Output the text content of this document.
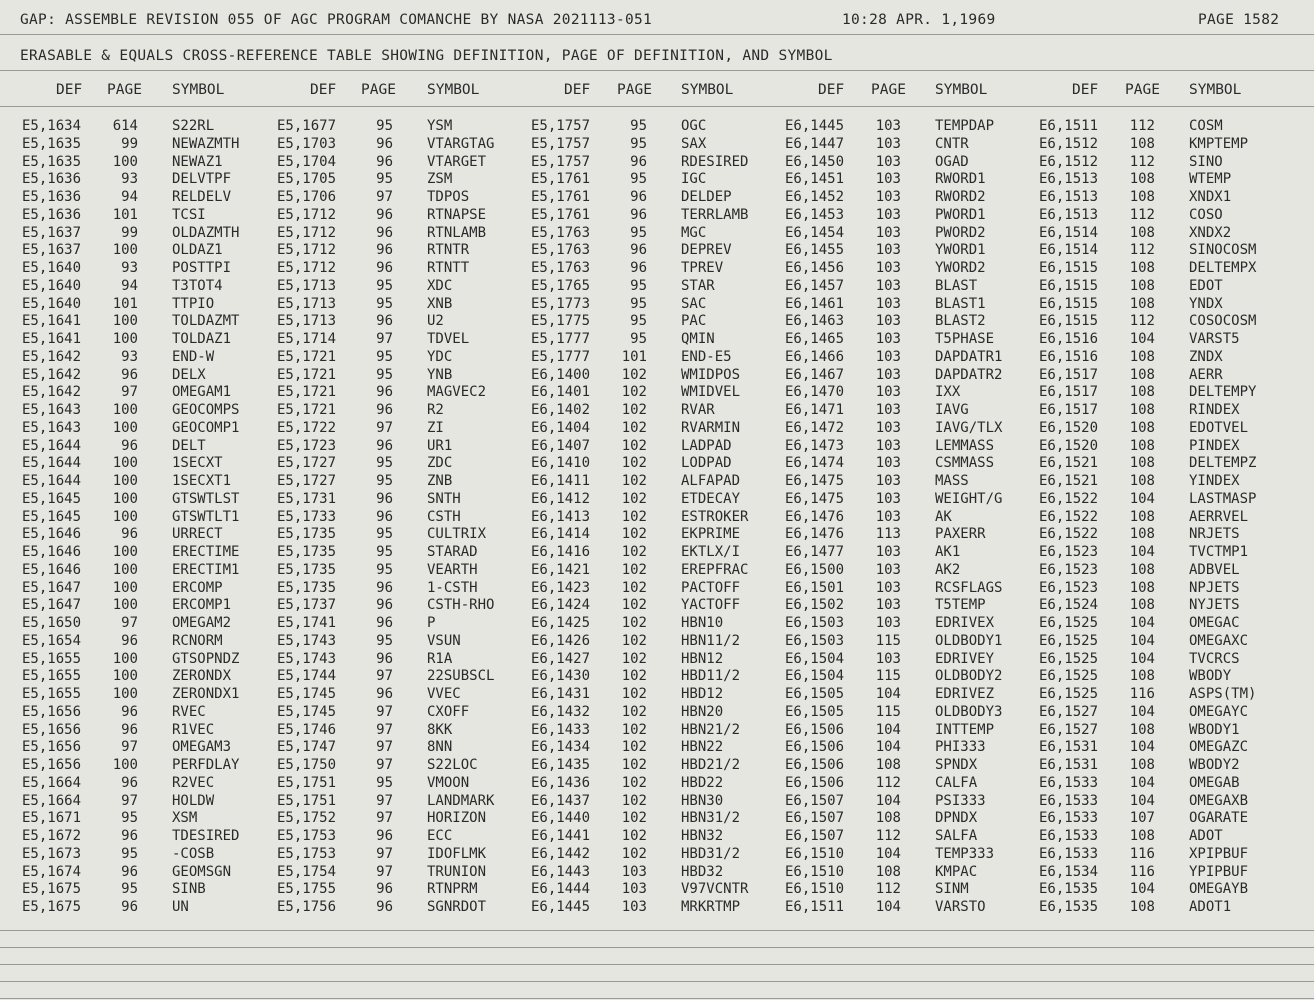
GAP: ASSEMBLE REVISION 055 OF AGC PROGRAM COMANCHE BY NASA 2021113-051	10:28 APR. 1,1969	PAGE 1582
ERASABLE & EQUALS CROSS-REFERENCE TABLE SHOWING DEFINITION, PAGE OF DEFINITION, AND SYMBOL
DEF PAGE SYMBOL	DEF PAGE SYMBOL	DEF PAGE SYMBOL	DEF PAGE SYMBOL	DEF PAGE SYMBOL
E5,1634	614 S22RL	E5,1677	95 YSM	E5,1757	95 OGC	E6,1445	103 TEMPDAP	E6,1511	112 COSM
E5,1635	99 NEWAZMTH	E5,1703	96 VTARGTAG	E5,1757	95 SAX	E6,1447	103 CNTR	E6,1512	108 KMPTEMP
E5,1635	100 NEWAZ1	E5,1704	96 VTARGET	E5,1757	96 RDESIRED	E6,1450	103 OGAD	E6,1512	112 SINO
E5,1636	93 DELVTPF	E5,1705	95 ZSM	E5,1761	95 IGC	E6,1451	103 RWORD1	E6,1513	108 WTEMP
E5,1636	94 RELDELV	E5,1706	97 TDPOS	E5,1761	96 DELDEP	E6,1452	103 RWORD2	E6,1513	108 XNDX1
E5,1636	101 TCSI	E5,1712	96 RTNAPSE	E5,1761	96 TERRLAMB	E6,1453	103 PWORD1	E6,1513	112 COSO
E5,1637	99 OLDAZMTH	E5,1712	96 RTNLAMB	E5,1763	95 MGC	E6,1454	103 PWORD2	E6,1514	108 XNDX2
E5,1637	100 OLDAZ1	E5,1712	96 RTNTR	E5,1763	96 DEPREV	E6,1455	103 YWORD1	E6,1514	112 SINOCOSM
E5,1640	93 POSTTPI	E5,1712	96 RTNTT	E5,1763	96 TPREV	E6,1456	103 YWORD2	E6,1515	108 DELTEMPX
E5,1640	94 T3TOT4	E5,1713	95 XDC	E5,1765	95 STAR	E6,1457	103 BLAST	E6,1515	108 EDOT
E5,1640	101 TTPIO	E5,1713	95 XNB	E5,1773	95 SAC	E6,1461	103 BLAST1	E6,1515	108 YNDX
E5,1641	100 TOLDAZMT	E5,1713	96 U2	E5,1775	95 PAC	E6,1463	103 BLAST2	E6,1515	112 COSOCOSM
E5,1641	100 TOLDAZ1	E5,1714	97 TDVEL	E5,1777	95 QMIN	E6,1465	103 T5PHASE	E6,1516	104 VARST5
E5,1642	93 END-W	E5,1721	95 YDC	E5,1777	101 END-E5	E6,1466	103 DAPDATR1	E6,1516	108 ZNDX
E5,1642	96 DELX	E5,1721	95 YNB	E6,1400	102 WMIDPOS	E6,1467	103 DAPDATR2	E6,1517	108 AERR
E5,1642	97 OMEGAM1	E5,1721	96 MAGVEC2	E6,1401	102 WMIDVEL	E6,1470	103 IXX	E6,1517	108 DELTEMPY
E5,1643	100 GEOCOMPS	E5,1721	96 R2	E6,1402	102 RVAR	E6,1471	103 IAVG	E6,1517	108 RINDEX
E5,1643	100 GEOCOMP1	E5,1722	97 ZI	E6,1404	102 RVARMIN	E6,1472	103 IAVG/TLX	E6,1520	108 EDOTVEL
E5,1644	96 DELT	E5,1723	96 UR1	E6,1407	102 LADPAD	E6,1473	103 LEMMASS	E6,1520	108 PINDEX
E5,1644	100 1SECXT	E5,1727	95 ZDC	E6,1410	102 LODPAD	E6,1474	103 CSMMASS	E6,1521	108 DELTEMPZ
E5,1644	100 1SECXT1	E5,1727	95 ZNB	E6,1411	102 ALFAPAD	E6,1475	103 MASS	E6,1521	108 YINDEX
E5,1645	100 GTSWTLST	E5,1731	96 SNTH	E6,1412	102 ETDECAY	E6,1475	103 WEIGHT/G	E6,1522	104 LASTMASP
E5,1645	100 GTSWTLT1	E5,1733	96 CSTH	E6,1413	102 ESTROKER	E6,1476	103 AK	E6,1522	108 AERRVEL
E5,1646	96 URRECT	E5,1735	95 CULTRIX	E6,1414	102 EKPRIME	E6,1476	113 PAXERR	E6,1522	108 NRJETS
E5,1646	100 ERECTIME	E5,1735	95 STARAD	E6,1416	102 EKTLX/I	E6,1477	103 AK1	E6,1523	104 TVCTMP1
E5,1646	100 ERECTIM1	E5,1735	95 VEARTH	E6,1421	102 EREPFRAC	E6,1500	103 AK2	E6,1523	108 ADBVEL
E5,1647	100 ERCOMP	E5,1735	96 1-CSTH	E6,1423	102 PACTOFF	E6,1501	103 RCSFLAGS	E6,1523	108 NPJETS
E5,1647	100 ERCOMP1	E5,1737	96 CSTH-RHO	E6,1424	102 YACTOFF	E6,1502	103 T5TEMP	E6,1524	108 NYJETS
E5,1650	97 OMEGAM2	E5,1741	96 P	E6,1425	102 HBN10	E6,1503	103 EDRIVEX	E6,1525	104 OMEGAC
E5,1654	96 RCNORM	E5,1743	95 VSUN	E6,1426	102 HBN11/2	E6,1503	115 OLDBODY1	E6,1525	104 OMEGAXC
E5,1655	100 GTSOPNDZ	E5,1743	96 R1A	E6,1427	102 HBN12	E6,1504	103 EDRIVEY	E6,1525	104 TVCRCS
E5,1655	100 ZERONDX	E5,1744	97 22SUBSCL	E6,1430	102 HBD11/2	E6,1504	115 OLDBODY2	E6,1525	108 WBODY
E5,1655	100 ZERONDX1	E5,1745	96 VVEC	E6,1431	102 HBD12	E6,1505	104 EDRIVEZ	E6,1525	116 ASPS(TM)
E5,1656	96 RVEC	E5,1745	97 CXOFF	E6,1432	102 HBN20	E6,1505	115 OLDBODY3	E6,1527	104 OMEGAYC
E5,1656	96 R1VEC	E5,1746	97 8KK	E6,1433	102 HBN21/2	E6,1506	104 INTTEMP	E6,1527	108 WBODY1
E5,1656	97 OMEGAM3	E5,1747	97 8NN	E6,1434	102 HBN22	E6,1506	104 PHI333	E6,1531	104 OMEGAZC
E5,1656	100 PERFDLAY	E5,1750	97 S22LOC	E6,1435	102 HBD21/2	E6,1506	108 SPNDX	E6,1531	108 WBODY2
E5,1664	96 R2VEC	E5,1751	95 VMOON	E6,1436	102 HBD22	E6,1506	112 CALFA	E6,1533	104 OMEGAB
E5,1664	97 HOLDW	E5,1751	97 LANDMARK	E6,1437	102 HBN30	E6,1507	104 PSI333	E6,1533	104 OMEGAXB
E5,1671	95 XSM	E5,1752	97 HORIZON	E6,1440	102 HBN31/2	E6,1507	108 DPNDX	E6,1533	107 OGARATE
E5,1672	96 TDESIRED	E5,1753	96 ECC	E6,1441	102 HBN32	E6,1507	112 SALFA	E6,1533	108 ADOT
E5,1673	95 -COSB	E5,1753	97 IDOFLMK	E6,1442	102 HBD31/2	E6,1510	104 TEMP333	E6,1533	116 XPIPBUF
E5,1674	96 GEOMSGN	E5,1754	97 TRUNION	E6,1443	103 HBD32	E6,1510	108 KMPAC	E6,1534	116 YPIPBUF
E5,1675	95 SINB	E5,1755	96 RTNPRM	E6,1444	103 V97VCNTR	E6,1510	112 SINM	E6,1535	104 OMEGAYB
E5,1675	96 UN	E5,1756	96 SGNRDOT	E6,1445	103 MRKRTMP	E6,1511	104 VARSTO	E6,1535	108 ADOT1
